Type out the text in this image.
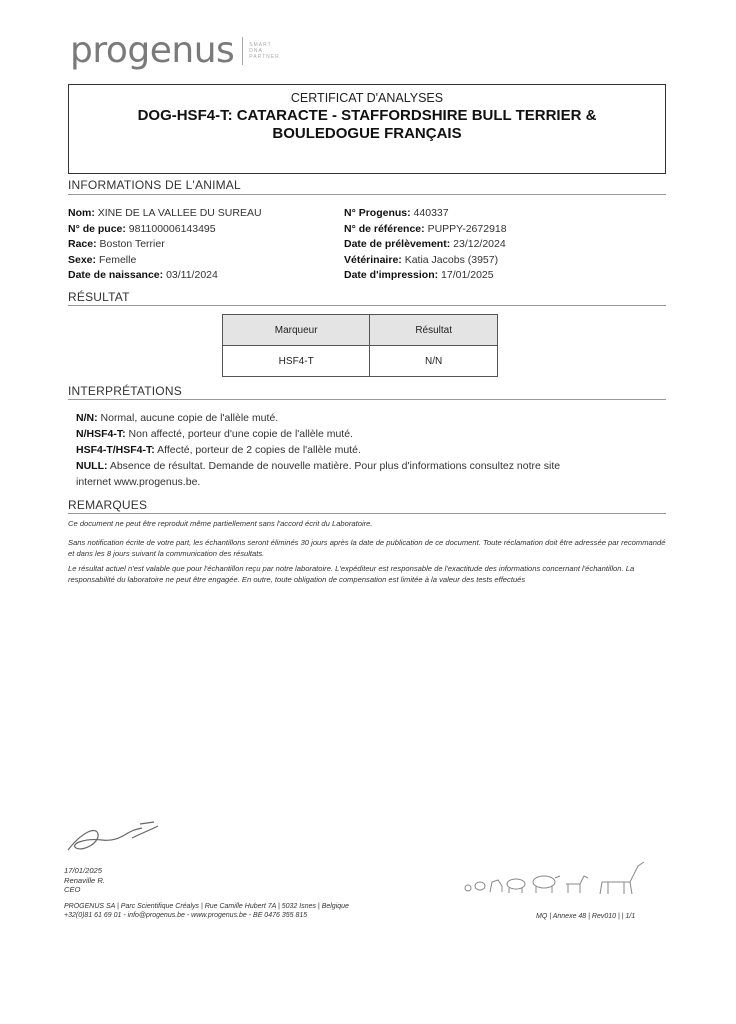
progenus	SMART
DNA
PARTNER
CERTIFICAT D'ANALYSES
DOG-HSF4-T: CATARACTE - STAFFORDSHIRE BULL TERRIER & BOULEDOGUE FRANÇAIS
INFORMATIONS DE L'ANIMAL
Nom: XINE DE LA VALLEE DU SUREAU
N° de puce: 981100006143495
Race: Boston Terrier
Sexe: Femelle
Date de naissance: 03/11/2024
N° Progenus: 440337
N° de référence: PUPPY-2672918
Date de prélèvement: 23/12/2024
Vétérinaire: Katia Jacobs (3957)
Date d'impression: 17/01/2025
RÉSULTAT
Marqueur	Résultat
HSF4-T	N/N
INTERPRÉTATIONS
N/N: Normal, aucune copie de l'allèle muté.
N/HSF4-T: Non affecté, porteur d'une copie de l'allèle muté.
HSF4-T/HSF4-T: Affecté, porteur de 2 copies de l'allèle muté.
NULL: Absence de résultat. Demande de nouvelle matière. Pour plus d'informations consultez notre site
internet www.progenus.be.
REMARQUES
Ce document ne peut être reproduit même partiellement sans l'accord écrit du Laboratoire.
Sans notification écrite de votre part, les échantillons seront éliminés 30 jours après la date de publication de ce document. Toute réclamation doit être adressée par recommandé et dans les 8 jours suivant la communication des résultats.
Le résultat actuel n'est valable que pour l'échantillon reçu par notre laboratoire. L'expéditeur est responsable de l'exactitude des informations concernant l'échantillon. La responsabilité du laboratoire ne peut être engagée. En outre, toute obligation de compensation est limitée à la valeur des tests effectués
17/01/2025
Renaville R.
CEO
PROGENUS SA | Parc Scientifique Créalys | Rue Camille Hubert 7A | 5032 Isnes | Belgique
+32(0)81 61 69 01 - info@progenus.be - www.progenus.be - BE 0476 355 815	MQ | Annexe 48 | Rev010 | | 1/1
